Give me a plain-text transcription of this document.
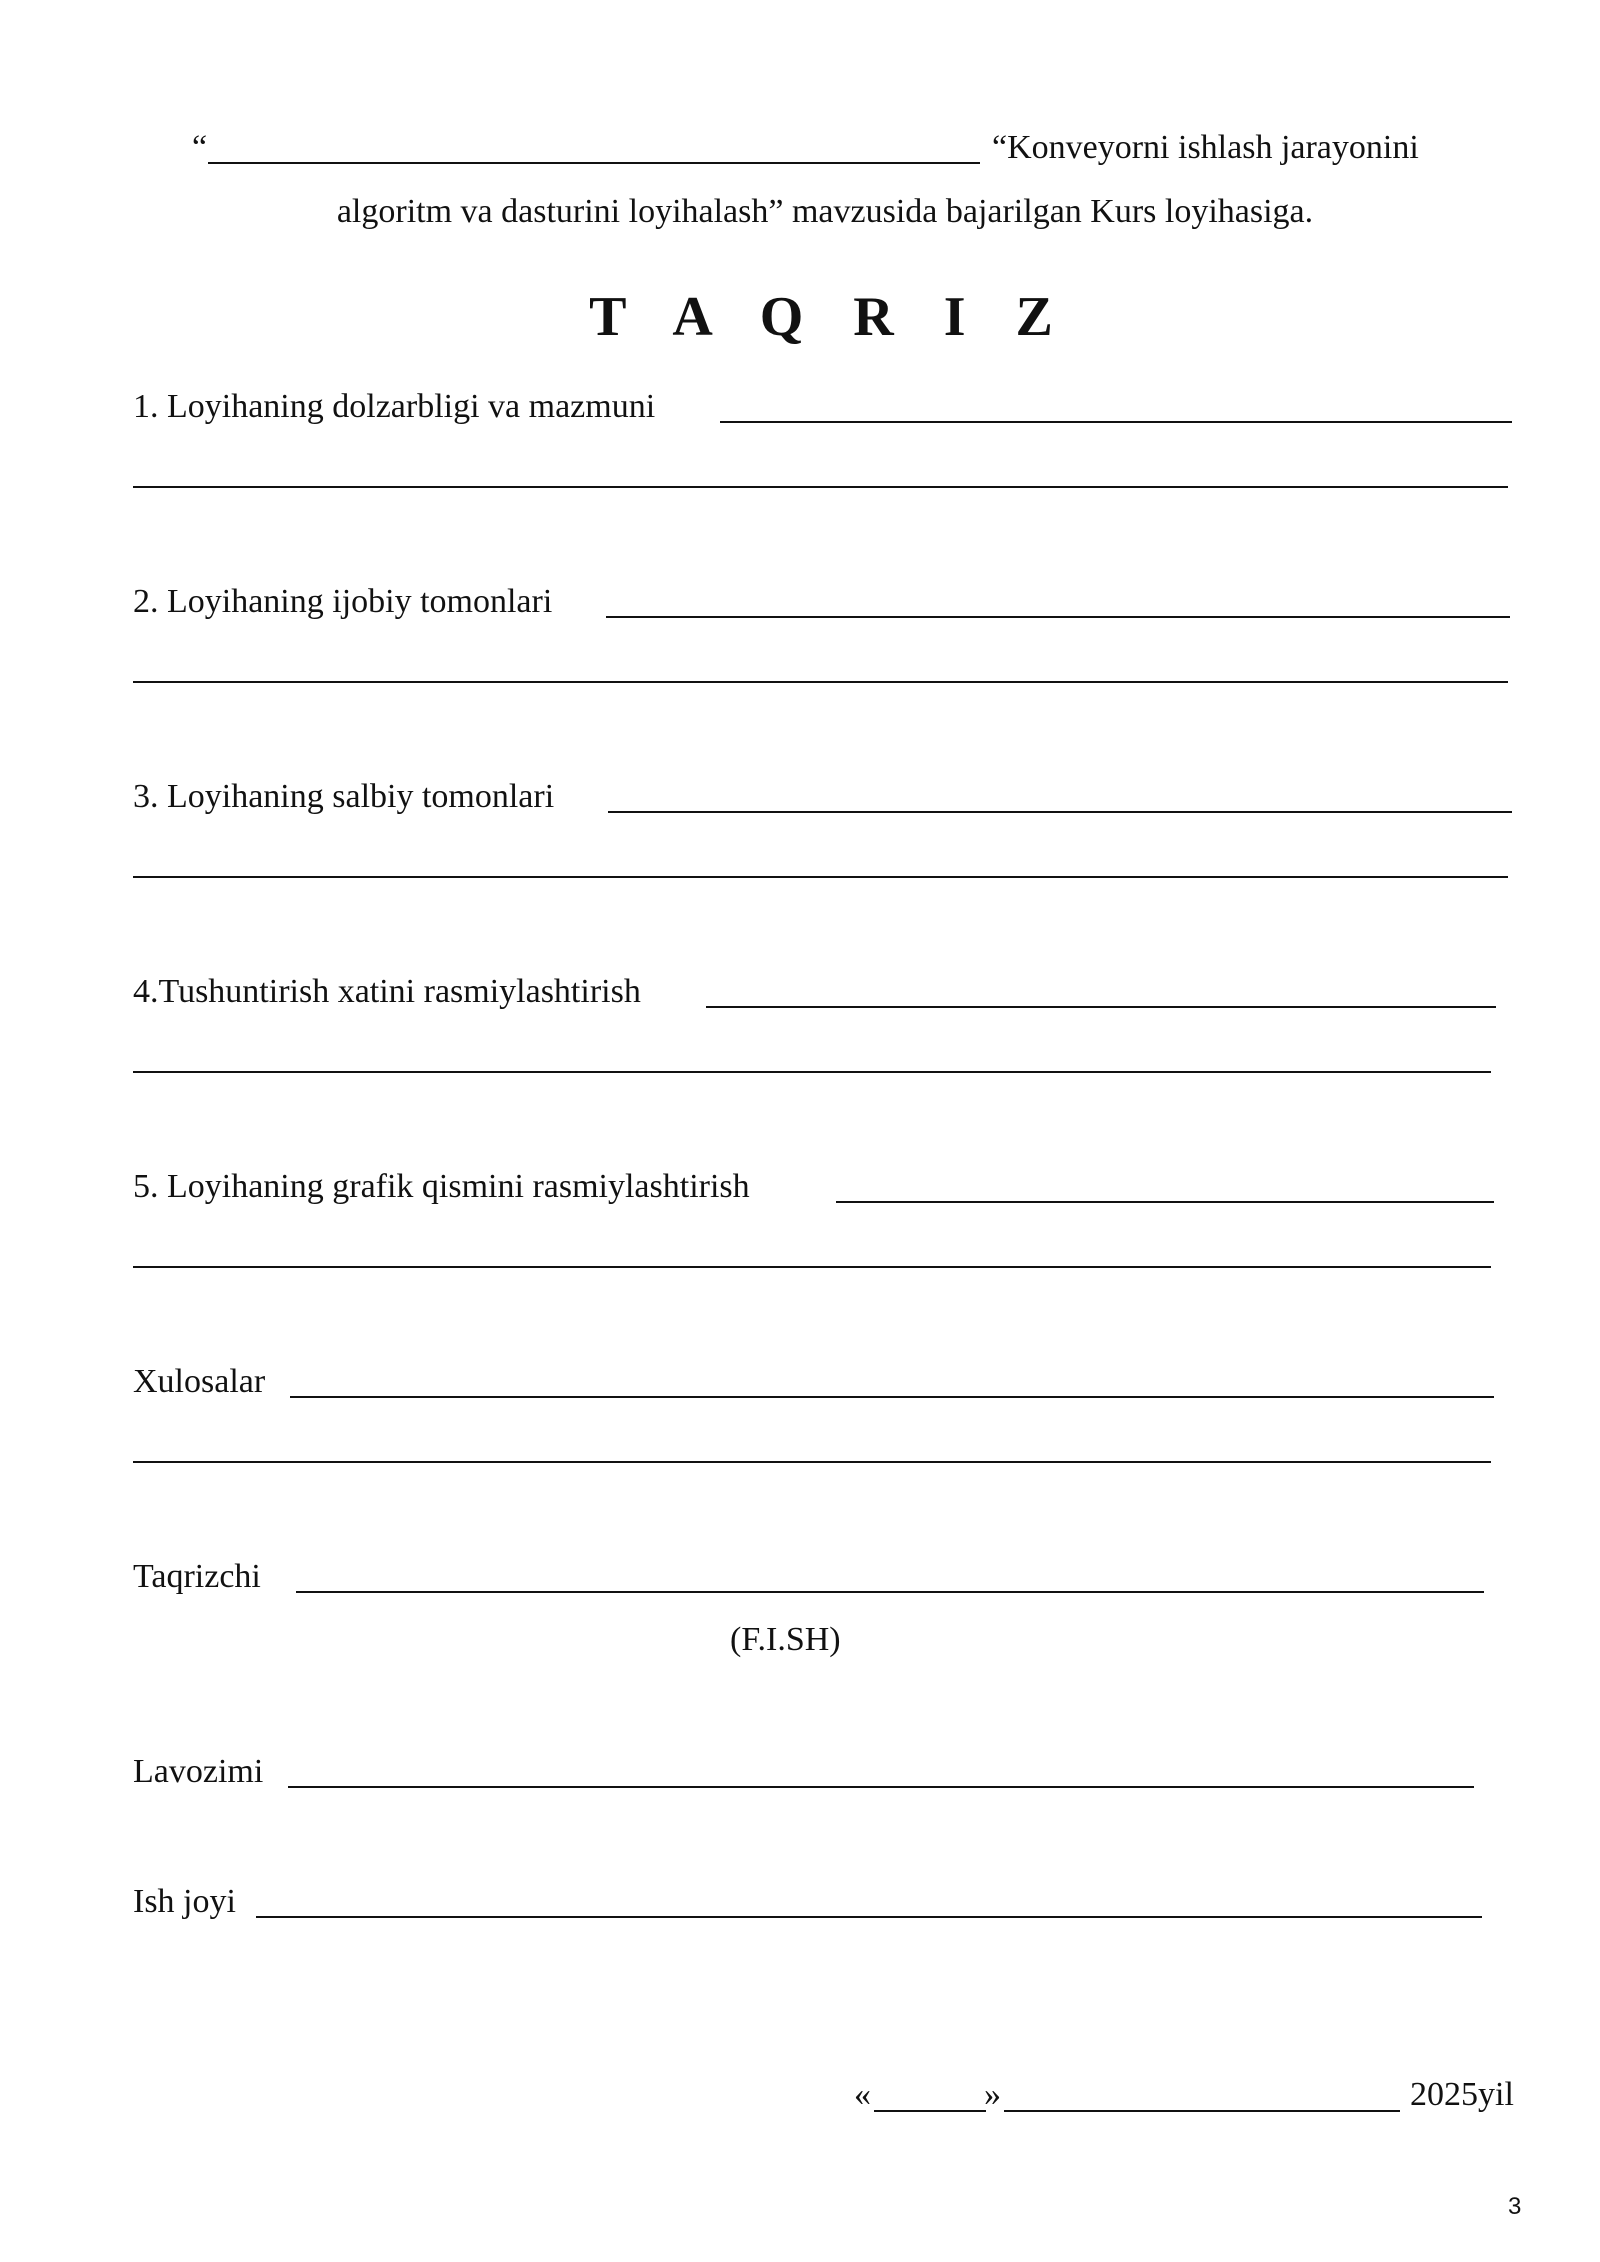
“	“Konveyorni ishlash jarayonini
algoritm va dasturini loyihalash” mavzusida bajarilgan Kurs loyihasiga.
T A Q R I Z
1. Loyihaning dolzarbligi va mazmuni
2. Loyihaning ijobiy tomonlari
3. Loyihaning salbiy tomonlari
4.Tushuntirish xatini rasmiylashtirish
5. Loyihaning grafik qismini rasmiylashtirish
Xulosalar
Taqrizchi
(F.I.SH)
Lavozimi
Ish joyi
«	»	2025yil
3
